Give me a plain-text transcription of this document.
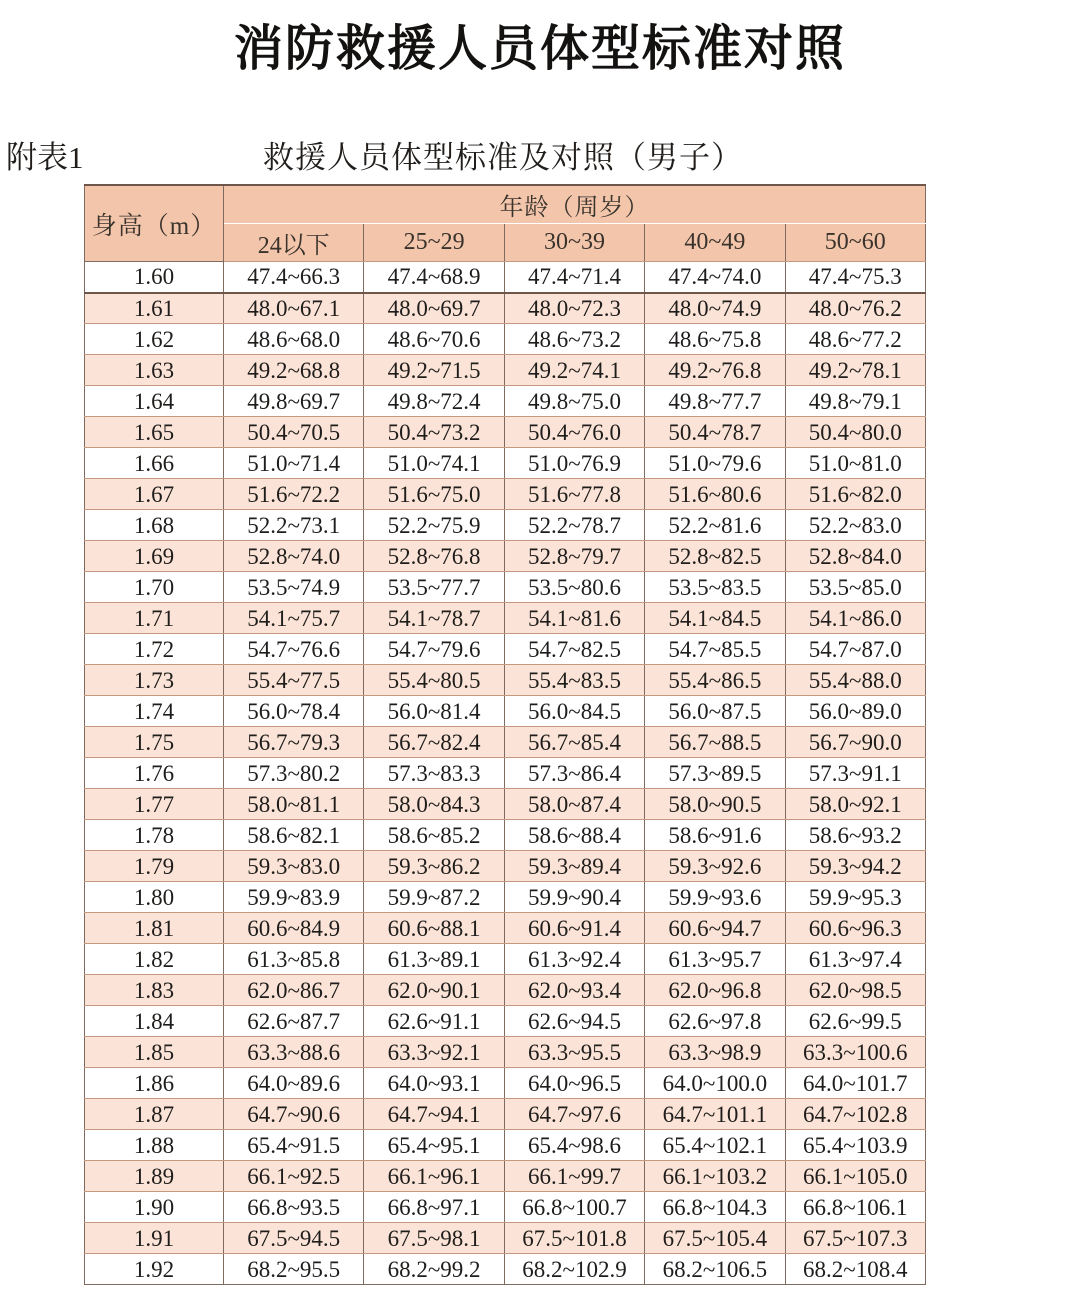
消防救援人员体型标准对照
附表1	救援人员体型标准及对照（男子）
身高（m）	年龄（周岁）				
	24以下	25~29	30~39	40~49	50~60
1.60	47.4~66.3	47.4~68.9	47.4~71.4	47.4~74.0	47.4~75.3
1.61	48.0~67.1	48.0~69.7	48.0~72.3	48.0~74.9	48.0~76.2
1.62	48.6~68.0	48.6~70.6	48.6~73.2	48.6~75.8	48.6~77.2
1.63	49.2~68.8	49.2~71.5	49.2~74.1	49.2~76.8	49.2~78.1
1.64	49.8~69.7	49.8~72.4	49.8~75.0	49.8~77.7	49.8~79.1
1.65	50.4~70.5	50.4~73.2	50.4~76.0	50.4~78.7	50.4~80.0
1.66	51.0~71.4	51.0~74.1	51.0~76.9	51.0~79.6	51.0~81.0
1.67	51.6~72.2	51.6~75.0	51.6~77.8	51.6~80.6	51.6~82.0
1.68	52.2~73.1	52.2~75.9	52.2~78.7	52.2~81.6	52.2~83.0
1.69	52.8~74.0	52.8~76.8	52.8~79.7	52.8~82.5	52.8~84.0
1.70	53.5~74.9	53.5~77.7	53.5~80.6	53.5~83.5	53.5~85.0
1.71	54.1~75.7	54.1~78.7	54.1~81.6	54.1~84.5	54.1~86.0
1.72	54.7~76.6	54.7~79.6	54.7~82.5	54.7~85.5	54.7~87.0
1.73	55.4~77.5	55.4~80.5	55.4~83.5	55.4~86.5	55.4~88.0
1.74	56.0~78.4	56.0~81.4	56.0~84.5	56.0~87.5	56.0~89.0
1.75	56.7~79.3	56.7~82.4	56.7~85.4	56.7~88.5	56.7~90.0
1.76	57.3~80.2	57.3~83.3	57.3~86.4	57.3~89.5	57.3~91.1
1.77	58.0~81.1	58.0~84.3	58.0~87.4	58.0~90.5	58.0~92.1
1.78	58.6~82.1	58.6~85.2	58.6~88.4	58.6~91.6	58.6~93.2
1.79	59.3~83.0	59.3~86.2	59.3~89.4	59.3~92.6	59.3~94.2
1.80	59.9~83.9	59.9~87.2	59.9~90.4	59.9~93.6	59.9~95.3
1.81	60.6~84.9	60.6~88.1	60.6~91.4	60.6~94.7	60.6~96.3
1.82	61.3~85.8	61.3~89.1	61.3~92.4	61.3~95.7	61.3~97.4
1.83	62.0~86.7	62.0~90.1	62.0~93.4	62.0~96.8	62.0~98.5
1.84	62.6~87.7	62.6~91.1	62.6~94.5	62.6~97.8	62.6~99.5
1.85	63.3~88.6	63.3~92.1	63.3~95.5	63.3~98.9	63.3~100.6
1.86	64.0~89.6	64.0~93.1	64.0~96.5	64.0~100.0	64.0~101.7
1.87	64.7~90.6	64.7~94.1	64.7~97.6	64.7~101.1	64.7~102.8
1.88	65.4~91.5	65.4~95.1	65.4~98.6	65.4~102.1	65.4~103.9
1.89	66.1~92.5	66.1~96.1	66.1~99.7	66.1~103.2	66.1~105.0
1.90	66.8~93.5	66.8~97.1	66.8~100.7	66.8~104.3	66.8~106.1
1.91	67.5~94.5	67.5~98.1	67.5~101.8	67.5~105.4	67.5~107.3
1.92	68.2~95.5	68.2~99.2	68.2~102.9	68.2~106.5	68.2~108.4
